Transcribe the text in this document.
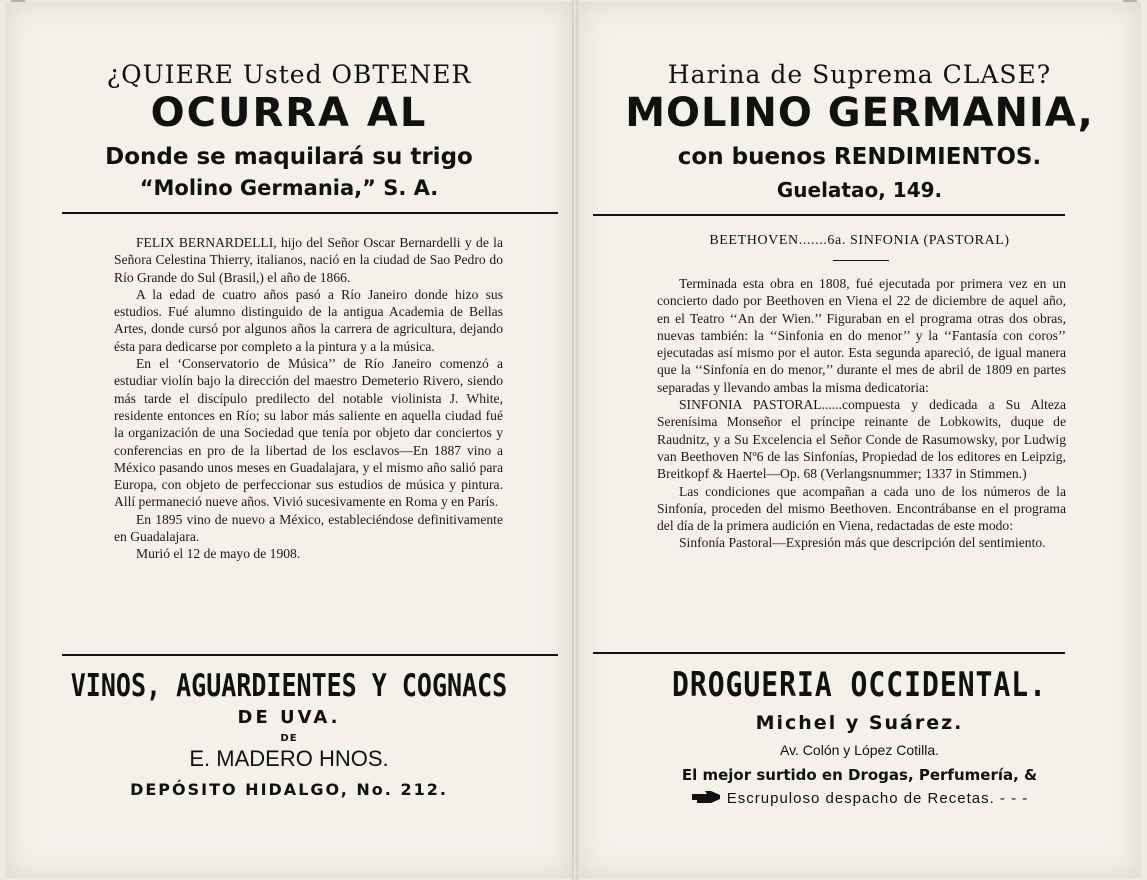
¿QUIERE Usted OBTENER
OCURRA AL
Donde se maquilará su trigo
“Molino Germania,” S. A.

FELIX BERNARDELLI, hijo del Señor Oscar Bernardelli y de la Señora Celestina Thierry, italianos, nació en la ciudad de Sao Pedro do Río Grande do Sul (Brasil,) el año de 1866.

A la edad de cuatro años pasó a Río Janeiro donde hizo sus estudios. Fué alumno distinguido de la antigua Academia de Bellas Artes, donde cursó por algunos años la carrera de agricultura, dejando ésta para dedicarse por completo a la pintura y a la música.

En el ‘Conservatorio de Música’’ de Río Janeiro comenzó a estudiar violín bajo la dirección del maestro Demeterio Rivero, siendo más tarde el discípulo predilecto del notable violinista J. White, residente entonces en Río; su labor más saliente en aquella ciudad fué la organización de una Sociedad que tenía por objeto dar conciertos y conferencias en pro de la libertad de los esclavos—En 1887 vino a México pasando unos meses en Guadalajara, y el mismo año salió para Europa, con objeto de perfeccionar sus estudios de música y pintura. Allí permaneció nueve años. Vivió sucesivamente en Roma y en París.

En 1895 vino de nuevo a México, estableciéndose definitivamente en Guadalajara.

Murió el 12 de mayo de 1908.

VINOS, AGUARDIENTES Y COGNACS
DE UVA.
DE
E. MADERO HNOS.
DEPÓSITO HIDALGO, No. 212.
Harina de Suprema CLASE?
MOLINO GERMANIA,
con buenos RENDIMIENTOS.
Guelatao, 149.
BEETHOVEN.......6a. SINFONIA (PASTORAL)

Terminada esta obra en 1808, fué ejecutada por primera vez en un concierto dado por Beethoven en Viena el 22 de diciembre de aquel año, en el Teatro ‘‘An der Wien.’’ Figuraban en el programa otras dos obras, nuevas también: la ‘‘Sinfonia en do menor’’ y la ‘‘Fantasía con coros’’ ejecutadas así mismo por el autor. Esta segunda apareció, de igual manera que la ‘‘Sinfonía en do menor,’’ durante el mes de abril de 1809 en partes separadas y llevando ambas la misma dedicatoria:

SINFONIA PASTORAL......compuesta y dedicada a Su Alteza Serenísima Monseñor el príncipe reinante de Lobkowits, duque de Raudnitz, y a Su Excelencia el Señor Conde de Rasumowsky, por Ludwig van Beethoven Nº6 de las Sinfonías, Propiedad de los editores en Leipzig, Breitkopf & Haertel—Op. 68 (Verlangsnummer; 1337 in Stimmen.)

Las condiciones que acompañan a cada uno de los números de la Sinfonía, proceden del mismo Beethoven. Encontrábanse en el programa del día de la primera audición en Viena, redactadas de este modo:

Sinfonía Pastoral—Expresión más que descripción del sentimiento.

DROGUERIA OCCIDENTAL.
Michel y Suárez.
Av. Colón y López Cotilla.
El mejor surtido en Drogas, Perfumería, &
Escrupuloso despacho de Recetas. - - -
